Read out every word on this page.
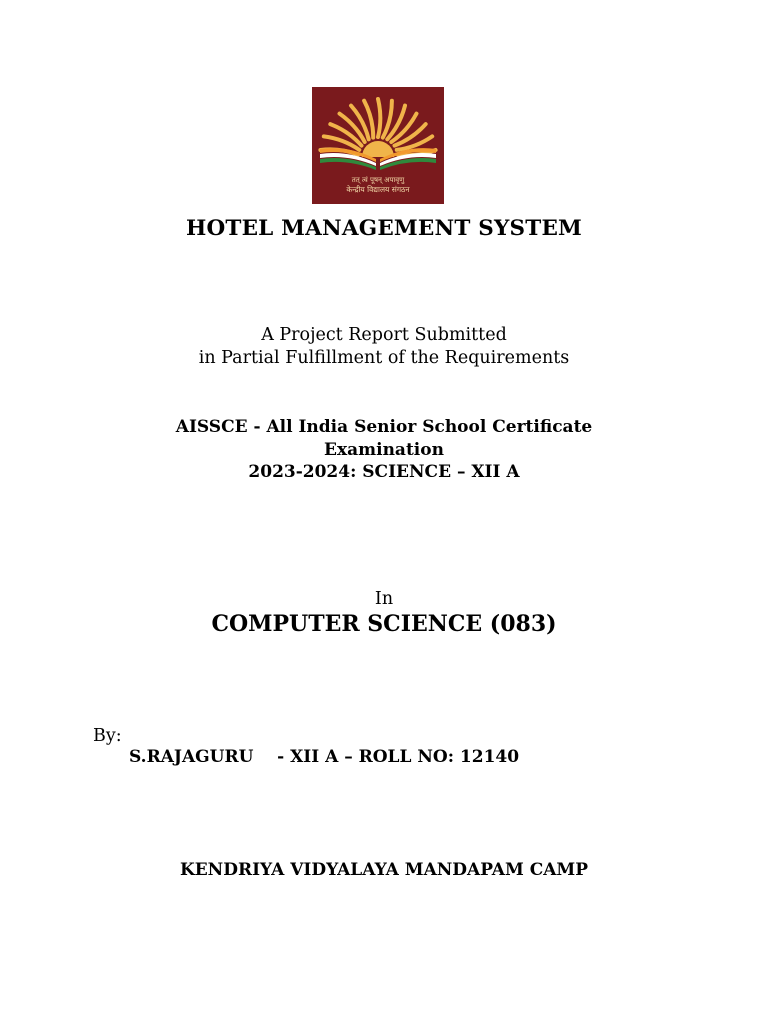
तत् त्वं पूषन् अपावृणु
केन्द्रीय विद्यालय संगठन
HOTEL MANAGEMENT SYSTEM
A Project Report Submitted
in Partial Fulfillment of the Requirements
AISSCE - All India Senior School Certificate
Examination
2023-2024: SCIENCE – XII A
In
COMPUTER SCIENCE (083)
By:
S.RAJAGURU    - XII A – ROLL NO: 12140
KENDRIYA VIDYALAYA MANDAPAM CAMP
